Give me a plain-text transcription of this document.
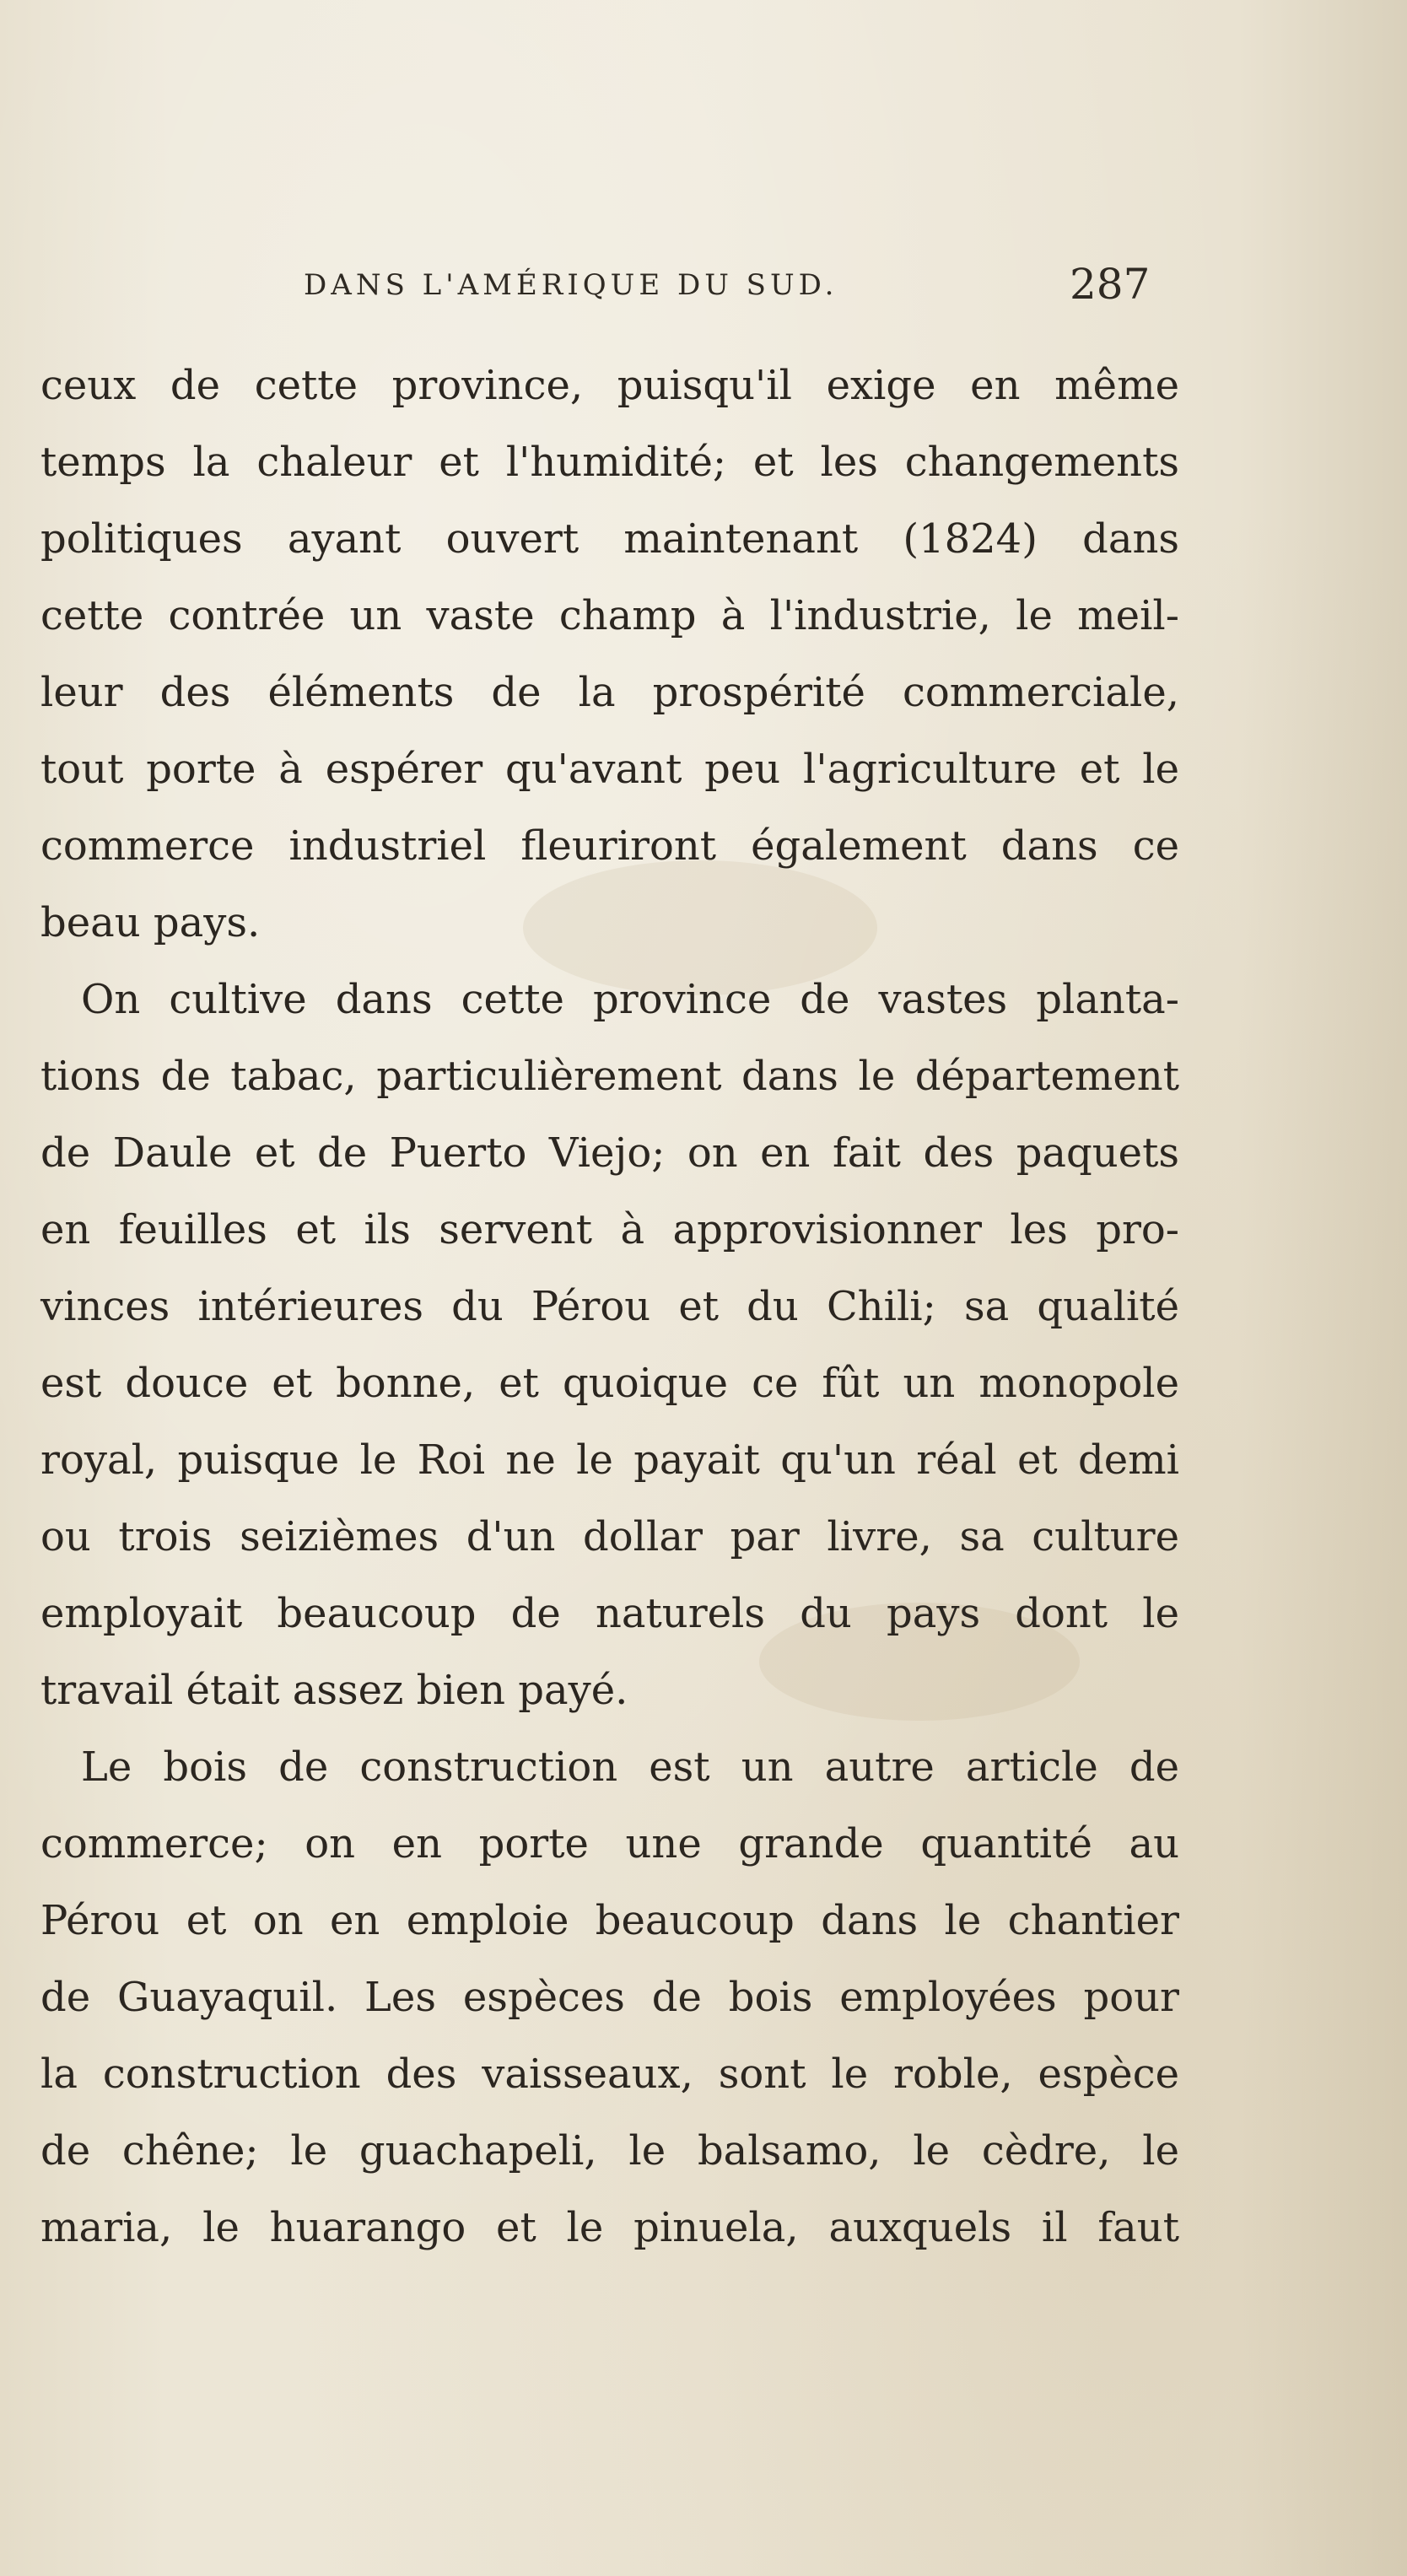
DANS L'AMÉRIQUE DU SUD.	287
ceux de cette province, puisqu'il exige en même
temps la chaleur et l'humidité; et les changements
politiques ayant ouvert maintenant (1824) dans
cette contrée un vaste champ à l'industrie, le meil-
leur des éléments de la prospérité commerciale,
tout porte à espérer qu'avant peu l'agriculture et le
commerce industriel fleuriront également dans ce
beau pays.
On cultive dans cette province de vastes planta-
tions de tabac, particulièrement dans le département
de Daule et de Puerto Viejo; on en fait des paquets
en feuilles et ils servent à approvisionner les pro-
vinces intérieures du Pérou et du Chili; sa qualité
est douce et bonne, et quoique ce fût un monopole
royal, puisque le Roi ne le payait qu'un réal et demi
ou trois seizièmes d'un dollar par livre, sa culture
employait beaucoup de naturels du pays dont le
travail était assez bien payé.
Le bois de construction est un autre article de
commerce; on en porte une grande quantité au
Pérou et on en emploie beaucoup dans le chantier
de Guayaquil. Les espèces de bois employées pour
la construction des vaisseaux, sont le roble, espèce
de chêne; le guachapeli, le balsamo, le cèdre, le
maria, le huarango et le pinuela, auxquels il faut
